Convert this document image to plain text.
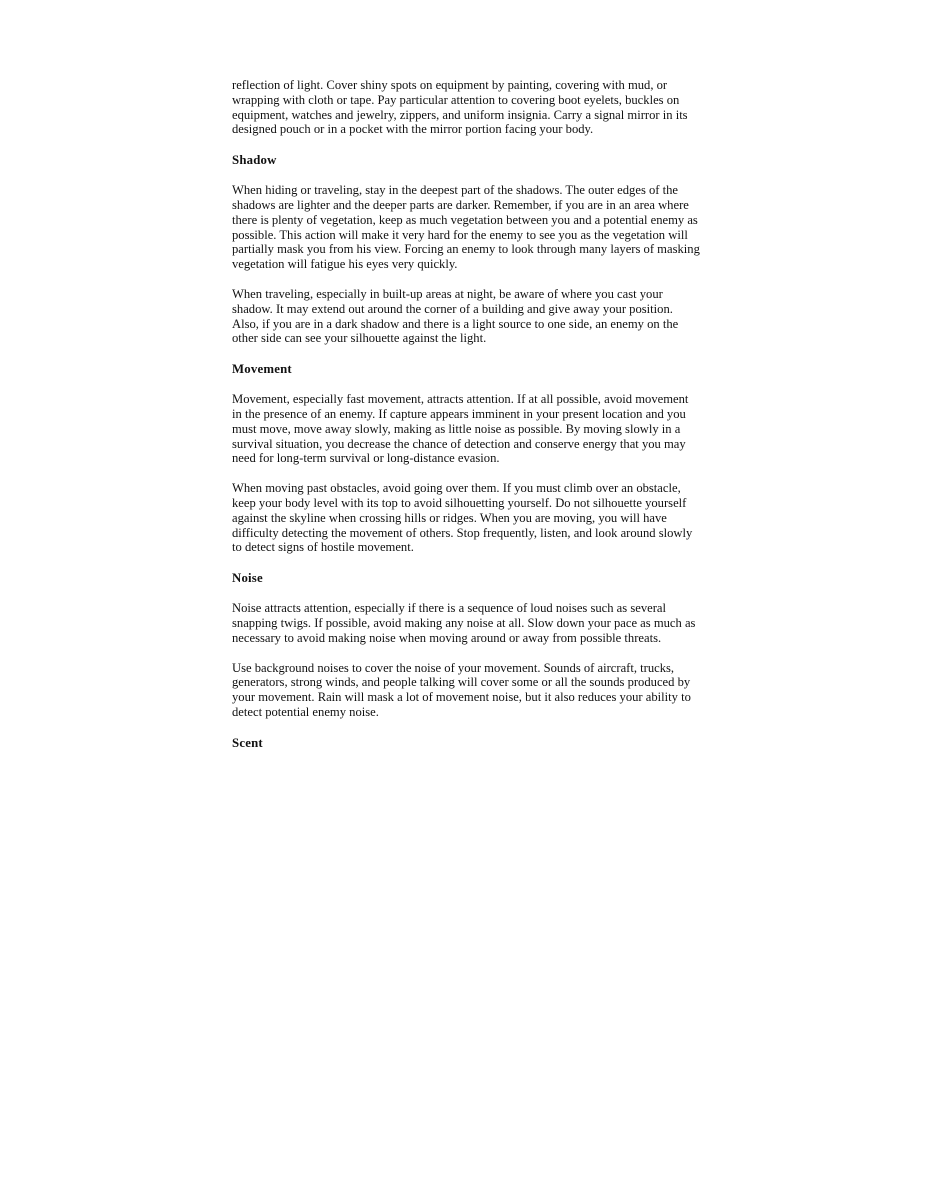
reflection of light. Cover shiny spots on equipment by painting, covering with mud, or wrapping with cloth or tape. Pay particular attention to covering boot eyelets, buckles on equipment, watches and jewelry, zippers, and uniform insignia. Carry a signal mirror in its designed pouch or in a pocket with the mirror portion facing your body.

Shadow

When hiding or traveling, stay in the deepest part of the shadows. The outer edges of the shadows are lighter and the deeper parts are darker. Remember, if you are in an area where there is plenty of vegetation, keep as much vegetation between you and a potential enemy as possible. This action will make it very hard for the enemy to see you as the vegetation will partially mask you from his view. Forcing an enemy to look through many layers of masking vegetation will fatigue his eyes very quickly.

When traveling, especially in built-up areas at night, be aware of where you cast your shadow. It may extend out around the corner of a building and give away your position. Also, if you are in a dark shadow and there is a light source to one side, an enemy on the other side can see your silhouette against the light.

Movement

Movement, especially fast movement, attracts attention. If at all possible, avoid movement in the presence of an enemy. If capture appears imminent in your present location and you must move, move away slowly, making as little noise as possible. By moving slowly in a survival situation, you decrease the chance of detection and conserve energy that you may need for long-term survival or long-distance evasion.

When moving past obstacles, avoid going over them. If you must climb over an obstacle, keep your body level with its top to avoid silhouetting yourself. Do not silhouette yourself against the skyline when crossing hills or ridges. When you are moving, you will have difficulty detecting the movement of others. Stop frequently, listen, and look around slowly to detect signs of hostile movement.

Noise

Noise attracts attention, especially if there is a sequence of loud noises such as several snapping twigs. If possible, avoid making any noise at all. Slow down your pace as much as necessary to avoid making noise when moving around or away from possible threats.

Use background noises to cover the noise of your movement. Sounds of aircraft, trucks, generators, strong winds, and people talking will cover some or all the sounds produced by your movement. Rain will mask a lot of movement noise, but it also reduces your ability to detect potential enemy noise.

Scent
